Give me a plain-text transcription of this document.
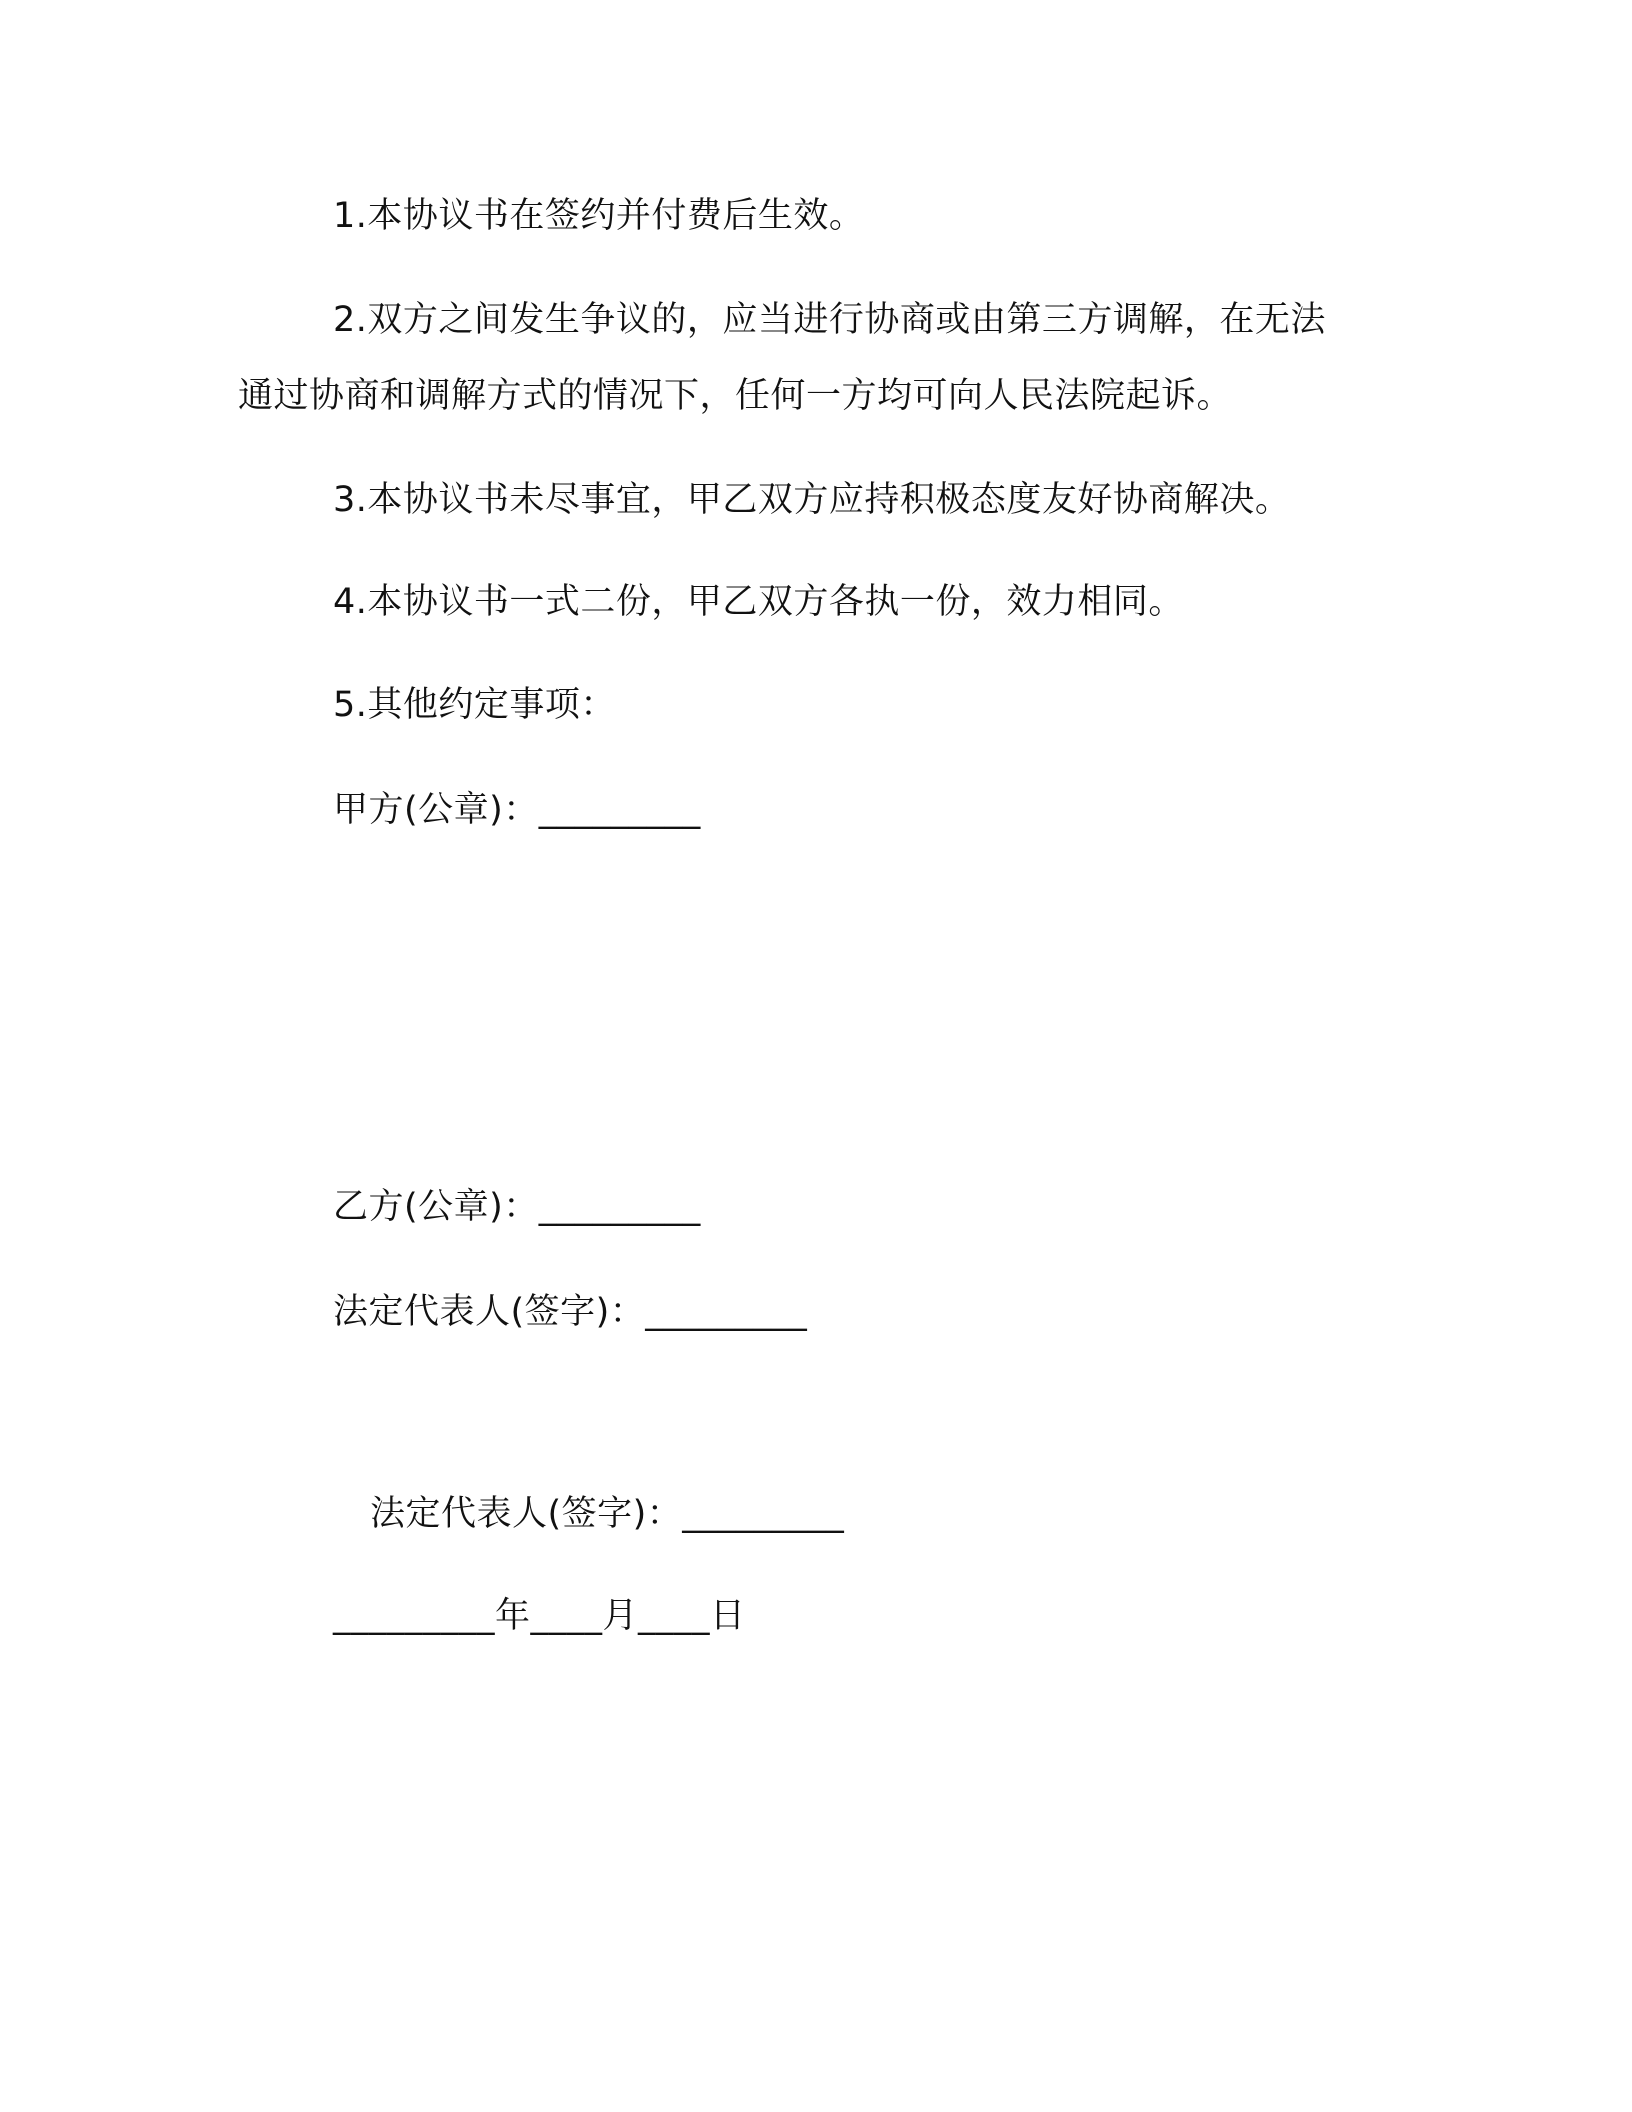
1.本协议书在签约并付费后生效。
2.双方之间发生争议的，应当进行协商或由第三方调解，在无法
通过协商和调解方式的情况下，任何一方均可向人民法院起诉。
3.本协议书未尽事宜，甲乙双方应持积极态度友好协商解决。
4.本协议书一式二份，甲乙双方各执一份，效力相同。
5.其他约定事项：
甲方(公章)：_________
乙方(公章)：_________
法定代表人(签字)：_________
法定代表人(签字)：_________
_________年____月____日
